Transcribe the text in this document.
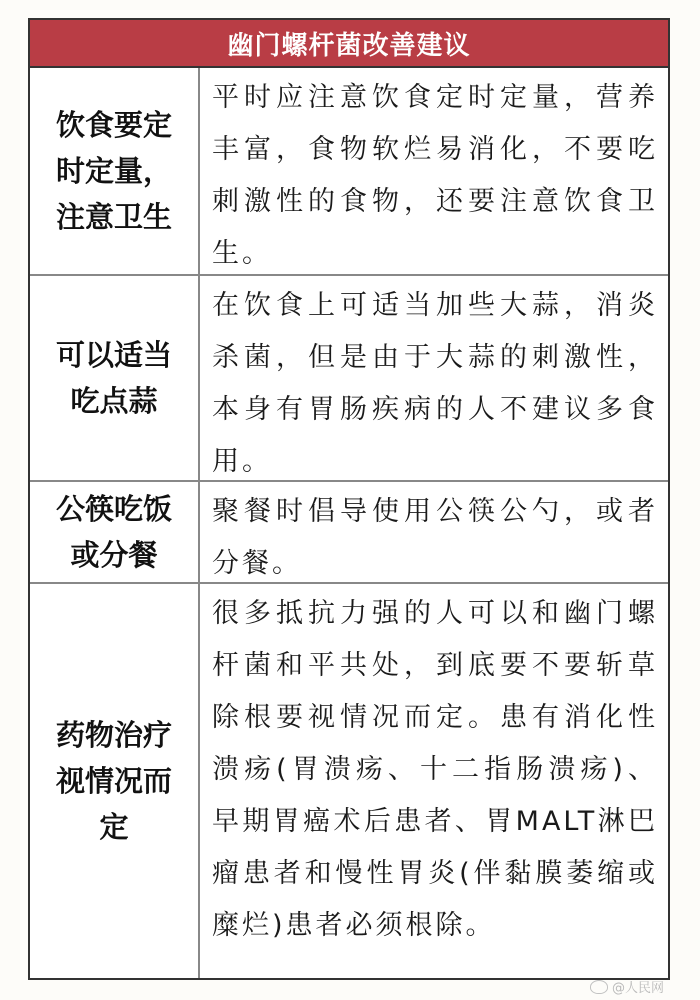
幽门螺杆菌改善建议
饮食要定
时定量，
注意卫生
平时应注意饮食定时定量，营养丰富，食物软烂易消化，不要吃刺激性的食物，还要注意饮食卫生。
可以适当
吃点蒜
在饮食上可适当加些大蒜，消炎杀菌，但是由于大蒜的刺激性，本身有胃肠疾病的人不建议多食用。
公筷吃饭
或分餐
聚餐时倡导使用公筷公勺，或者分餐。
药物治疗
视情况而
定
很多抵抗力强的人可以和幽门螺杆菌和平共处，到底要不要斩草除根要视情况而定。患有消化性溃疡(胃溃疡、十二指肠溃疡)、早期胃癌术后患者、胃MALT淋巴瘤患者和慢性胃炎(伴黏膜萎缩或糜烂)患者必须根除。
@人民网
